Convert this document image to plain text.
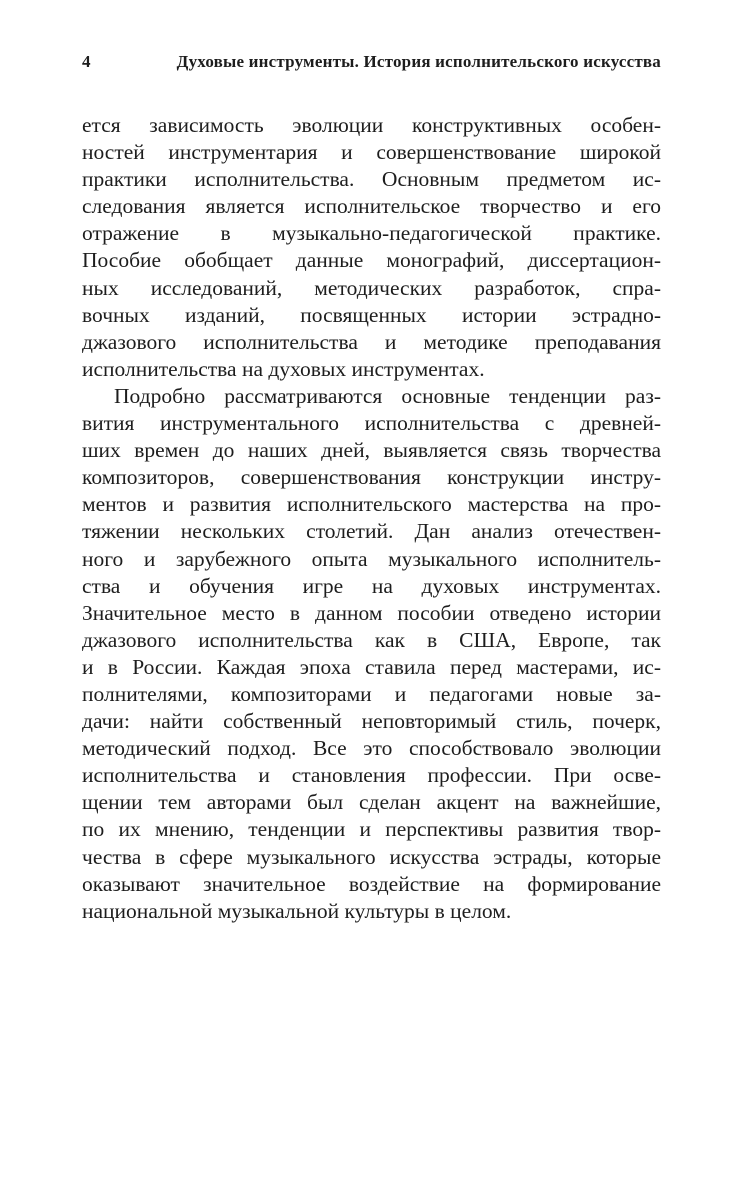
4	Духовые инструменты. История исполнительского искусства
ется зависимость эволюции конструктивных особен-
ностей инструментария и совершенствование широкой
практики исполнительства. Основным предметом ис-
следования является исполнительское творчество и его
отражение в музыкально-педагогической практике.
Пособие обобщает данные монографий, диссертацион-
ных исследований, методических разработок, спра-
вочных изданий, посвященных истории эстрадно-
джазового исполнительства и методике преподавания
исполнительства на духовых инструментах.
Подробно рассматриваются основные тенденции раз-
вития инструментального исполнительства с древней-
ших времен до наших дней, выявляется связь творчества
композиторов, совершенствования конструкции инстру-
ментов и развития исполнительского мастерства на про-
тяжении нескольких столетий. Дан анализ отечествен-
ного и зарубежного опыта музыкального исполнитель-
ства и обучения игре на духовых инструментах.
Значительное место в данном пособии отведено истории
джазового исполнительства как в США, Европе, так
и в России. Каждая эпоха ставила перед мастерами, ис-
полнителями, композиторами и педагогами новые за-
дачи: найти собственный неповторимый стиль, почерк,
методический подход. Все это способствовало эволюции
исполнительства и становления профессии. При осве-
щении тем авторами был сделан акцент на важнейшие,
по их мнению, тенденции и перспективы развития твор-
чества в сфере музыкального искусства эстрады, которые
оказывают значительное воздействие на формирование
национальной музыкальной культуры в целом.
